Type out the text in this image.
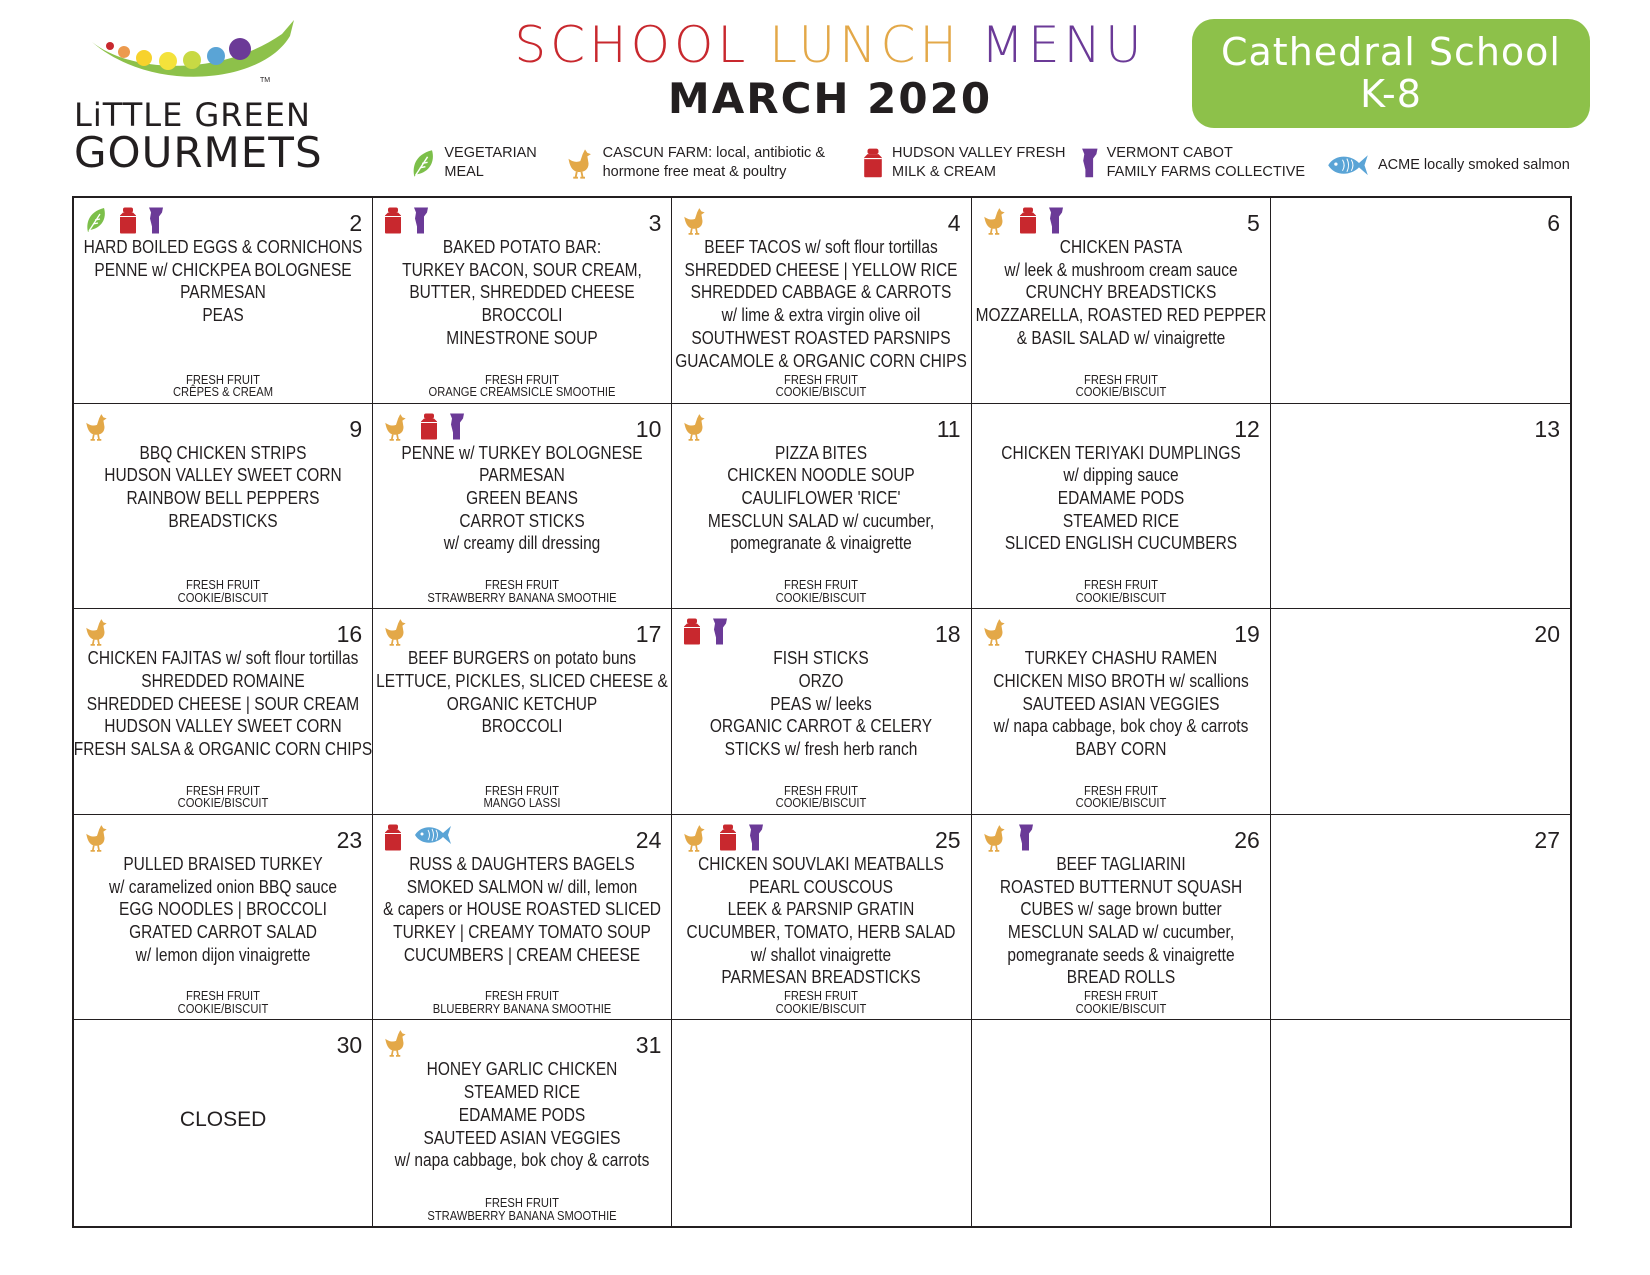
TM
LiTTLE GREEN
GOURMETS
SCHOOL LUNCH MENU
MARCH 2020
Cathedral School
K-8
VEGETARIAN
MEAL
CASCUN FARM: local, antibiotic &
hormone free meat & poultry
HUDSON VALLEY FRESH
MILK & CREAM
VERMONT CABOT
FAMILY FARMS COLLECTIVE	ACME locally smoked salmon
2
HARD BOILED EGGS & CORNICHONS
PENNE w/ CHICKPEA BOLOGNESE
PARMESAN
PEAS
FRESH FRUIT
CRÊPES & CREAM
3
BAKED POTATO BAR:
TURKEY BACON, SOUR CREAM,
BUTTER, SHREDDED CHEESE
BROCCOLI
MINESTRONE SOUP
FRESH FRUIT
ORANGE CREAMSICLE SMOOTHIE
4
BEEF TACOS w/ soft flour tortillas
SHREDDED CHEESE | YELLOW RICE
SHREDDED CABBAGE & CARROTS
w/ lime & extra virgin olive oil
SOUTHWEST ROASTED PARSNIPS
GUACAMOLE & ORGANIC CORN CHIPS
FRESH FRUIT
COOKIE/BISCUIT
5
CHICKEN PASTA
w/ leek & mushroom cream sauce
CRUNCHY BREADSTICKS
MOZZARELLA, ROASTED RED PEPPER
& BASIL SALAD w/ vinaigrette
FRESH FRUIT
COOKIE/BISCUIT
6
9
BBQ CHICKEN STRIPS
HUDSON VALLEY SWEET CORN
RAINBOW BELL PEPPERS
BREADSTICKS
FRESH FRUIT
COOKIE/BISCUIT
10
PENNE w/ TURKEY BOLOGNESE
PARMESAN
GREEN BEANS
CARROT STICKS
w/ creamy dill dressing
FRESH FRUIT
STRAWBERRY BANANA SMOOTHIE
11
PIZZA BITES
CHICKEN NOODLE SOUP
CAULIFLOWER 'RICE'
MESCLUN SALAD w/ cucumber,
pomegranate & vinaigrette
FRESH FRUIT
COOKIE/BISCUIT
12
CHICKEN TERIYAKI DUMPLINGS
w/ dipping sauce
EDAMAME PODS
STEAMED RICE
SLICED ENGLISH CUCUMBERS
FRESH FRUIT
COOKIE/BISCUIT
13
16
CHICKEN FAJITAS w/ soft flour tortillas
SHREDDED ROMAINE
SHREDDED CHEESE | SOUR CREAM
HUDSON VALLEY SWEET CORN
FRESH SALSA & ORGANIC CORN CHIPS
FRESH FRUIT
COOKIE/BISCUIT
17
BEEF BURGERS on potato buns
LETTUCE, PICKLES, SLICED CHEESE &
ORGANIC KETCHUP
BROCCOLI
FRESH FRUIT
MANGO LASSI
18
FISH STICKS
ORZO
PEAS w/ leeks
ORGANIC CARROT & CELERY
STICKS w/ fresh herb ranch
FRESH FRUIT
COOKIE/BISCUIT
19
TURKEY CHASHU RAMEN
CHICKEN MISO BROTH w/ scallions
SAUTEED ASIAN VEGGIES
w/ napa cabbage, bok choy & carrots
BABY CORN
FRESH FRUIT
COOKIE/BISCUIT
20
23
PULLED BRAISED TURKEY
w/ caramelized onion BBQ sauce
EGG NOODLES | BROCCOLI
GRATED CARROT SALAD
w/ lemon dijon vinaigrette
FRESH FRUIT
COOKIE/BISCUIT
24
RUSS & DAUGHTERS BAGELS
SMOKED SALMON w/ dill, lemon
& capers or HOUSE ROASTED SLICED
TURKEY | CREAMY TOMATO SOUP
CUCUMBERS | CREAM CHEESE
FRESH FRUIT
BLUEBERRY BANANA SMOOTHIE
25
CHICKEN SOUVLAKI MEATBALLS
PEARL COUSCOUS
LEEK & PARSNIP GRATIN
CUCUMBER, TOMATO, HERB SALAD
w/ shallot vinaigrette
PARMESAN BREADSTICKS
FRESH FRUIT
COOKIE/BISCUIT
26
BEEF TAGLIARINI
ROASTED BUTTERNUT SQUASH
CUBES w/ sage brown butter
MESCLUN SALAD w/ cucumber,
pomegranate seeds & vinaigrette
BREAD ROLLS
FRESH FRUIT
COOKIE/BISCUIT
27
30
CLOSED
31
HONEY GARLIC CHICKEN
STEAMED RICE
EDAMAME PODS
SAUTEED ASIAN VEGGIES
w/ napa cabbage, bok choy & carrots
FRESH FRUIT
STRAWBERRY BANANA SMOOTHIE
